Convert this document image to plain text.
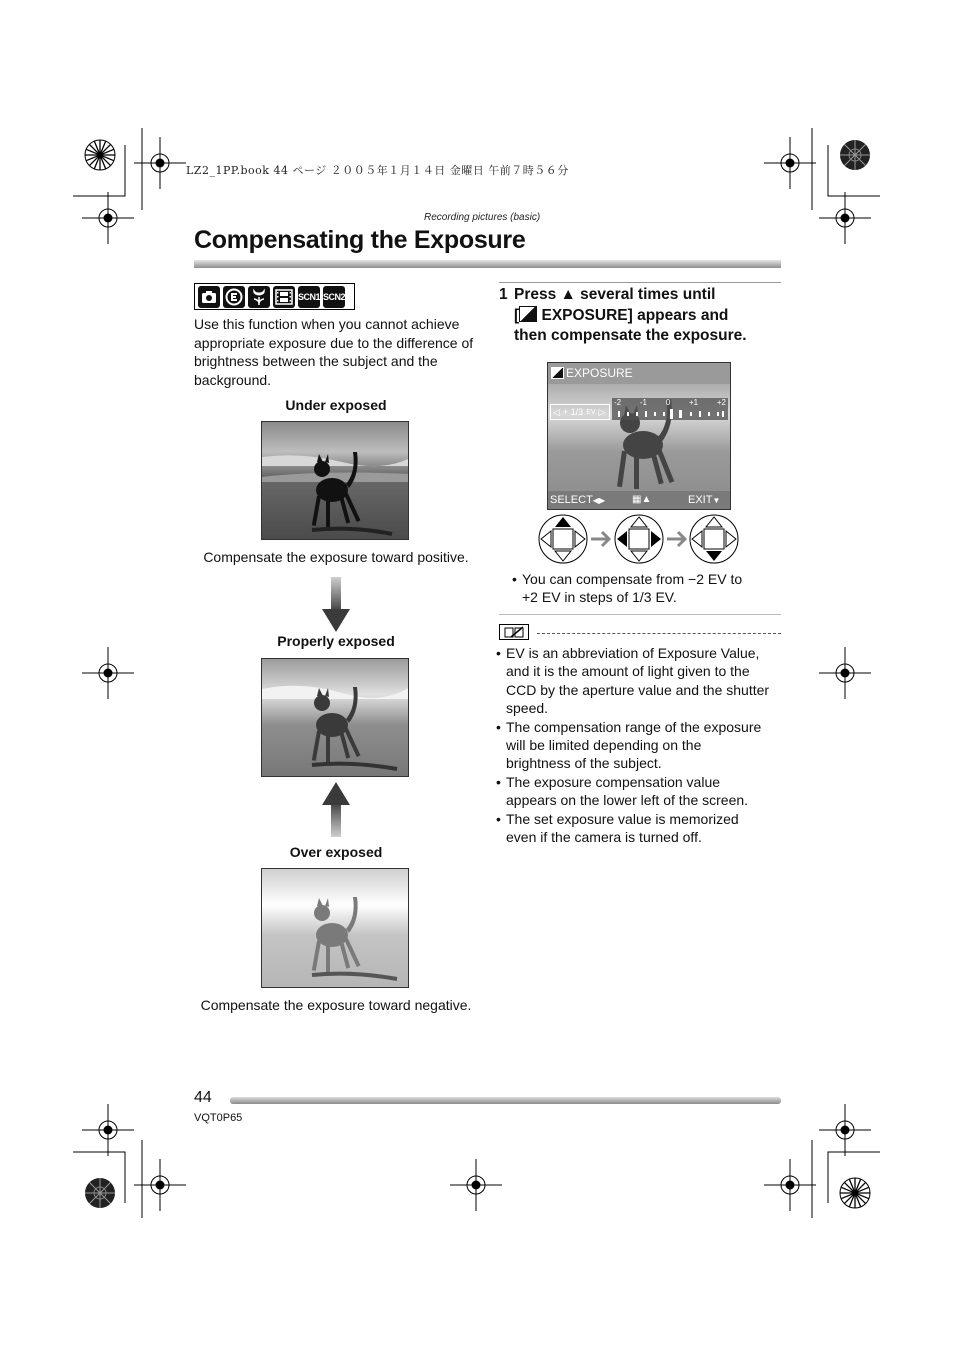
LZ2_1PP.book 44 ページ ２００５年１月１４日 金曜日 午前７時５６分
Recording pictures (basic)
Compensating the Exposure
SCN1 SCN2
Use this function when you cannot achieve appropriate exposure due to the difference of brightness between the subject and the background.
Under exposed
Compensate the exposure toward positive.
Properly exposed
Over exposed
Compensate the exposure toward negative.
1 Press ▲ several times until
[ EXPOSURE] appears and
then compensate the exposure.
EXPOSURE
◁ + 1/3 EV ▷
-2 -1 0 +1 +2
SELECT◀▶	▦▲	EXIT▼
• You can compensate from −2 EV to
+2 EV in steps of 1/3 EV.
• EV is an abbreviation of Exposure Value,
and it is the amount of light given to the
CCD by the aperture value and the shutter
speed.
• The compensation range of the exposure
will be limited depending on the
brightness of the subject.
• The exposure compensation value
appears on the lower left of the screen.
• The set exposure value is memorized
even if the camera is turned off.
44
VQT0P65
